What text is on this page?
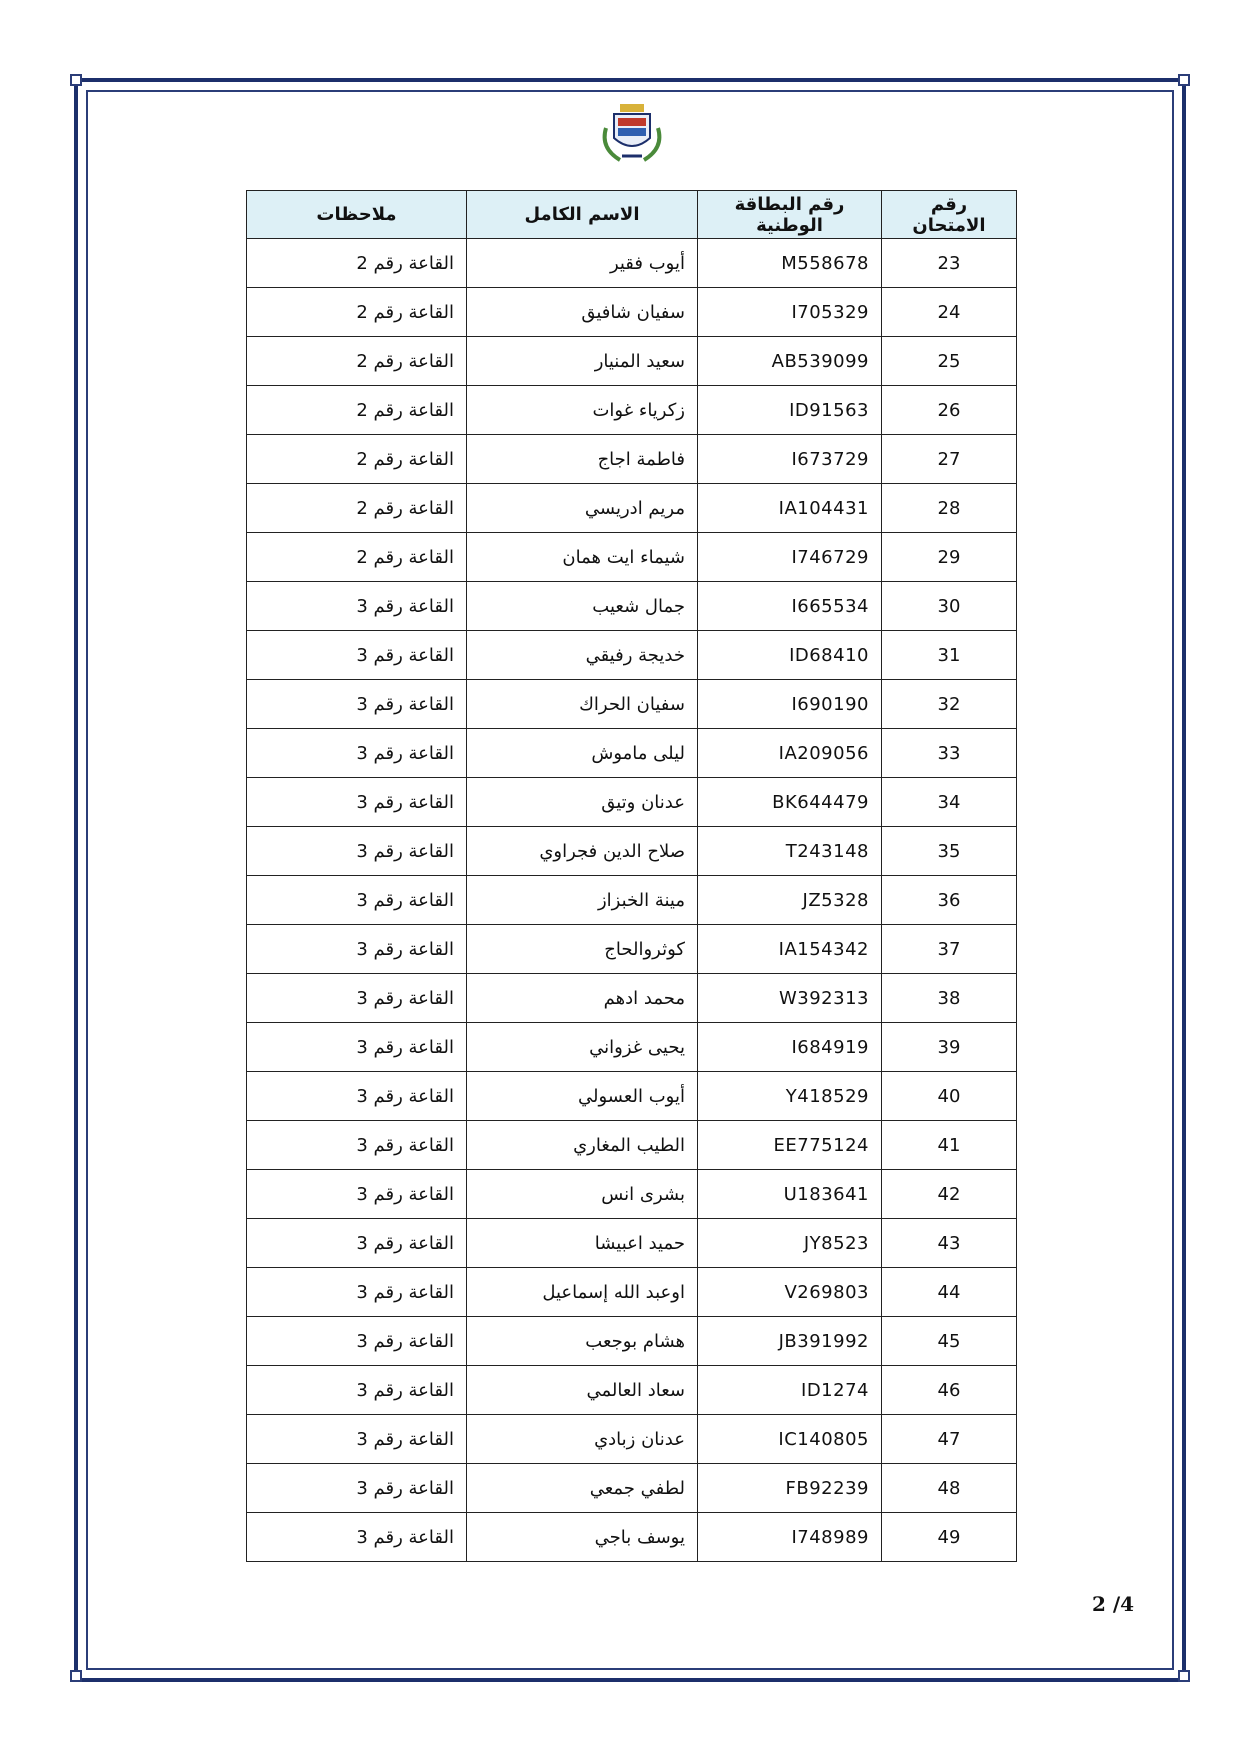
رقم الامتحان	رقم البطاقة الوطنية	الاسم الكامل	ملاحظات
23	M558678	أيوب فقير	القاعة رقم 2
24	I705329	سفيان شافيق	القاعة رقم 2
25	AB539099	سعيد المنيار	القاعة رقم 2
26	ID91563	زكرياء غوات	القاعة رقم 2
27	I673729	فاطمة اجاج	القاعة رقم 2
28	IA104431	مريم ادريسي	القاعة رقم 2
29	I746729	شيماء ايت همان	القاعة رقم 2
30	I665534	جمال شعيب	القاعة رقم 3
31	ID68410	خديجة رفيقي	القاعة رقم 3
32	I690190	سفيان الحراك	القاعة رقم 3
33	IA209056	ليلى ماموش	القاعة رقم 3
34	BK644479	عدنان وتيق	القاعة رقم 3
35	T243148	صلاح الدين فجراوي	القاعة رقم 3
36	JZ5328	مينة الخبزاز	القاعة رقم 3
37	IA154342	كوثروالحاج	القاعة رقم 3
38	W392313	محمد ادهم	القاعة رقم 3
39	I684919	يحيى غزواني	القاعة رقم 3
40	Y418529	أيوب العسولي	القاعة رقم 3
41	EE775124	الطيب المغاري	القاعة رقم 3
42	U183641	بشرى انس	القاعة رقم 3
43	JY8523	حميد اعبيشا	القاعة رقم 3
44	V269803	اوعبد الله إسماعيل	القاعة رقم 3
45	JB391992	هشام بوجعب	القاعة رقم 3
46	ID1274	سعاد العالمي	القاعة رقم 3
47	IC140805	عدنان زبادي	القاعة رقم 3
48	FB92239	لطفي جمعي	القاعة رقم 3
49	I748989	يوسف باجي	القاعة رقم 3
2 /4
